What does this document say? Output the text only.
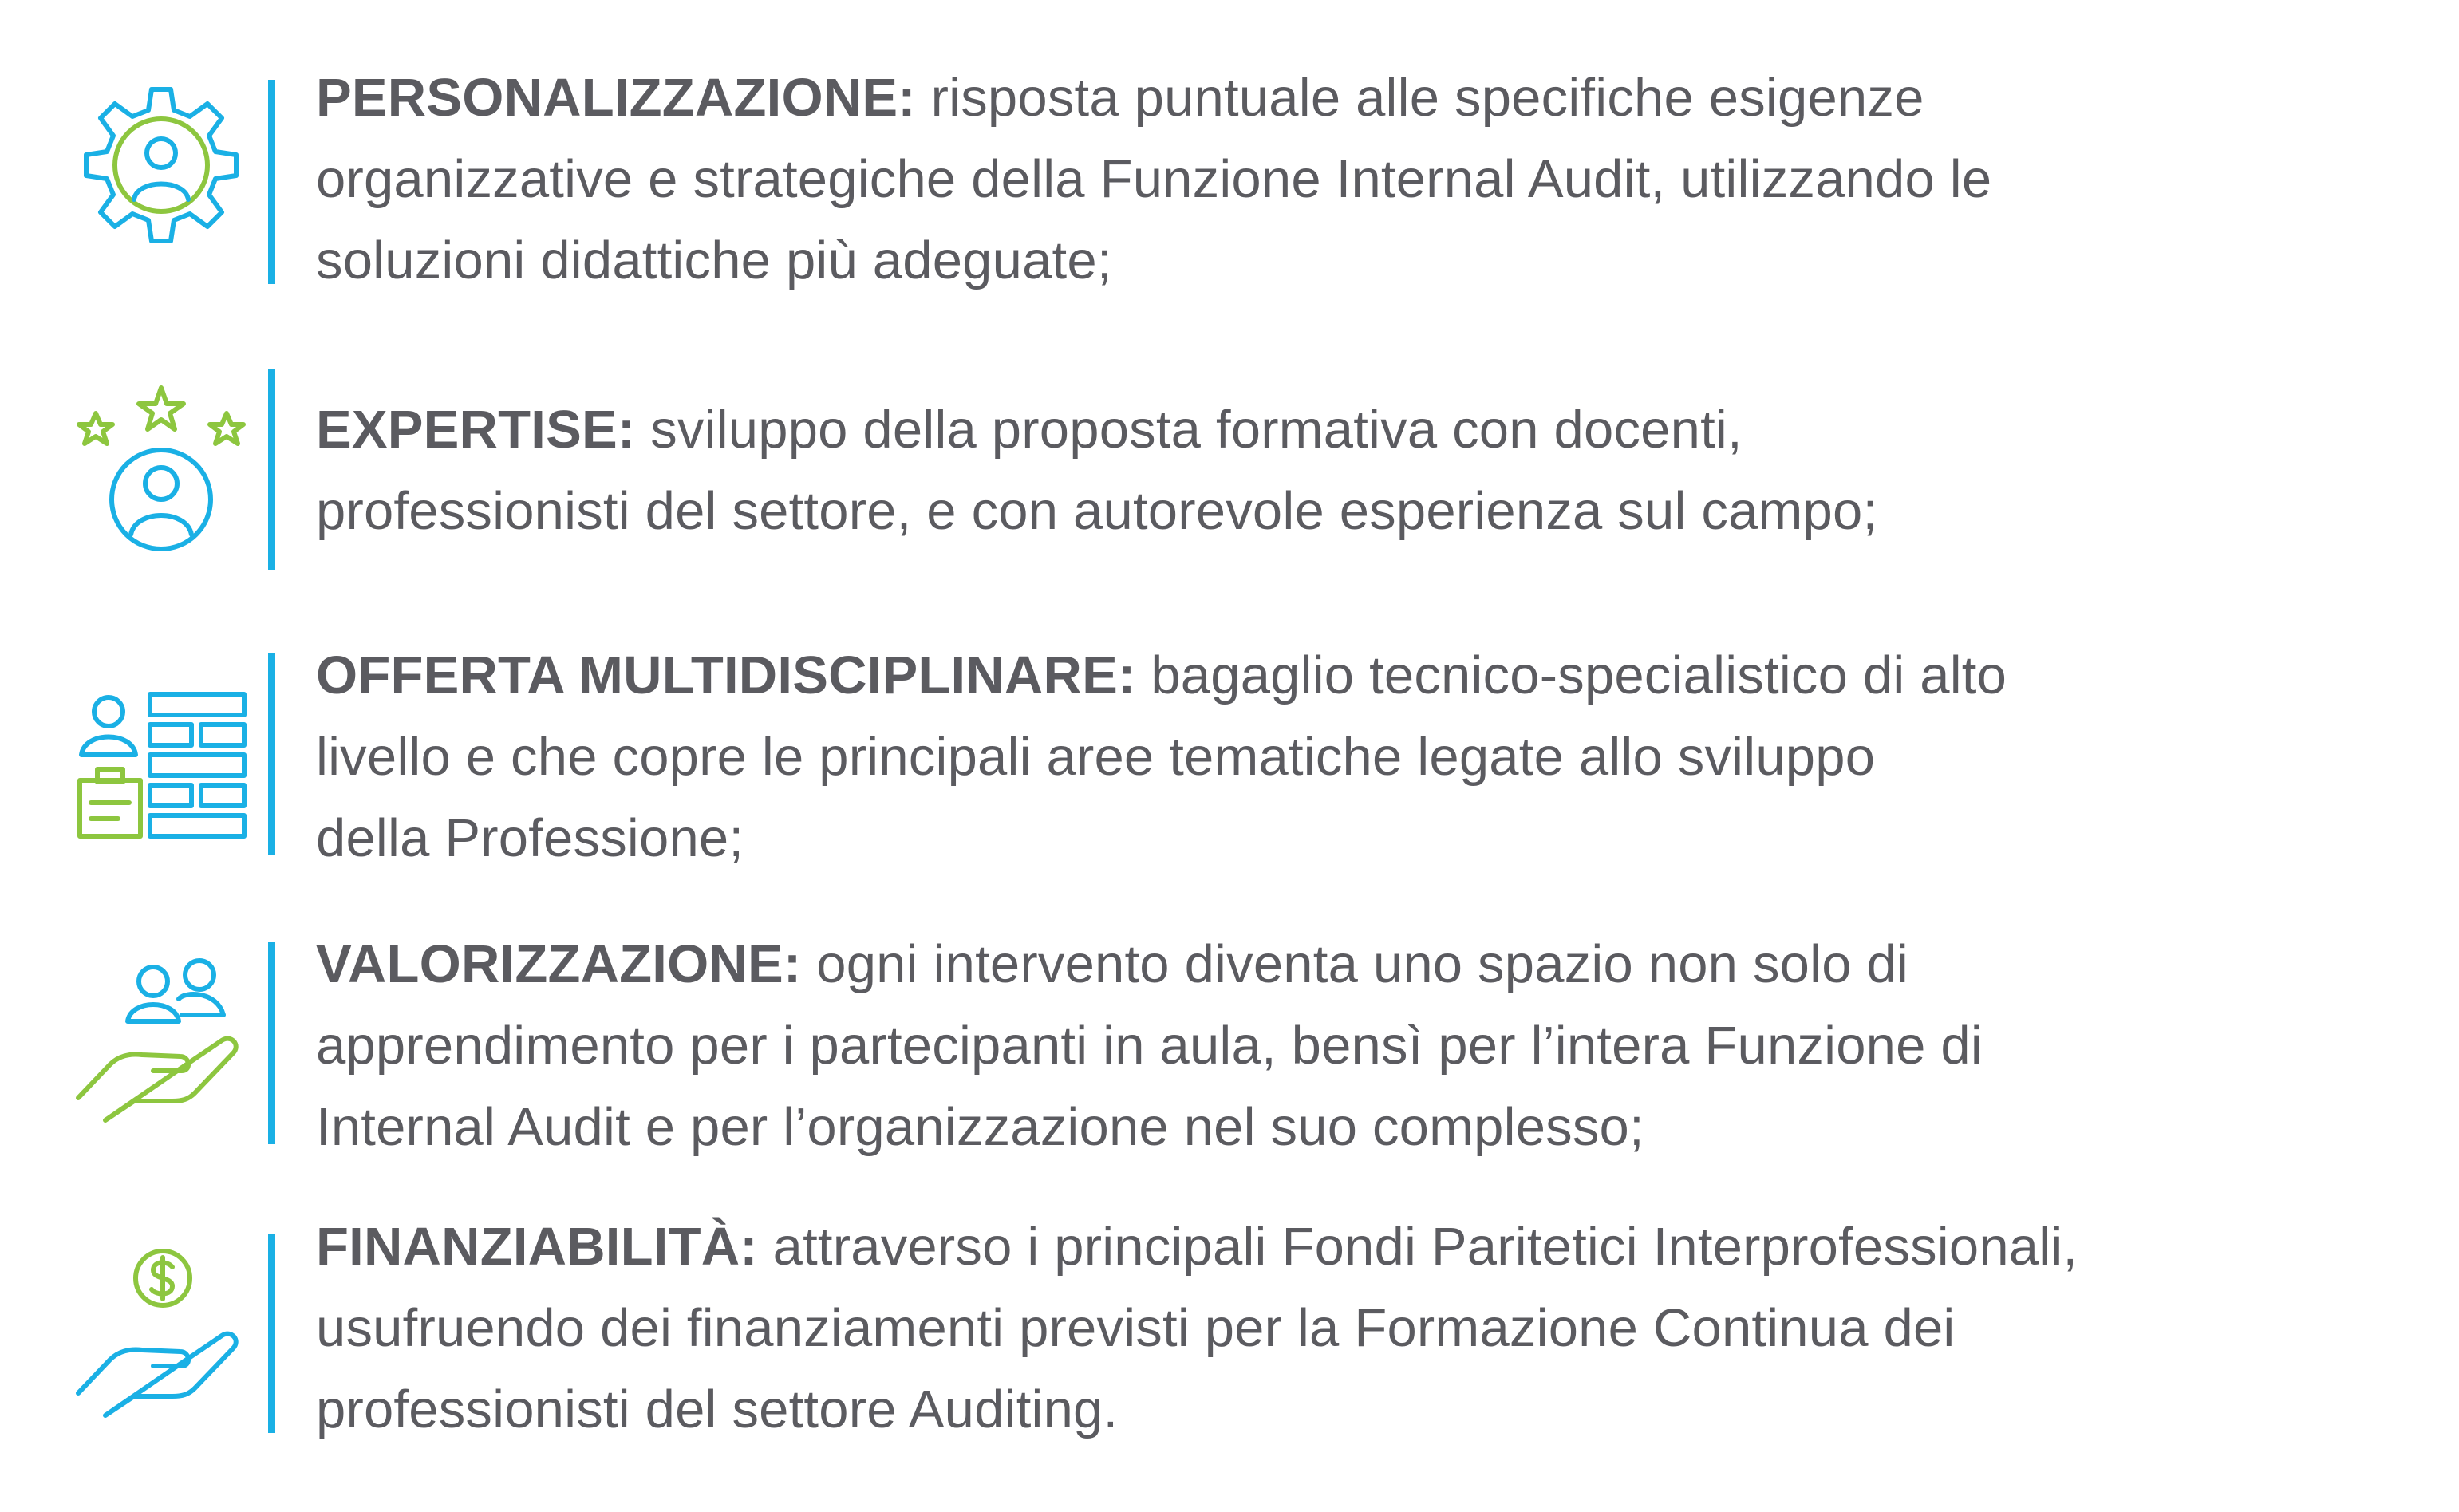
PERSONALIZZAZIONE: risposta puntuale alle specifiche esigenze
organizzative e strategiche della Funzione Internal Audit, utilizzando le
soluzioni didattiche più adeguate;
EXPERTISE: sviluppo della proposta formativa con docenti,
professionisti del settore, e con autorevole esperienza sul campo;
OFFERTA MULTIDISCIPLINARE: bagaglio tecnico-specialistico di alto
livello e che copre le principali aree tematiche legate allo sviluppo
della Professione;
VALORIZZAZIONE: ogni intervento diventa uno spazio non solo di
apprendimento per i partecipanti in aula, bensì per l’intera Funzione di
Internal Audit e per l’organizzazione nel suo complesso;
FINANZIABILITÀ: attraverso i principali Fondi Paritetici Interprofessionali,
usufruendo dei finanziamenti previsti per la Formazione Continua dei
professionisti del settore Auditing.
